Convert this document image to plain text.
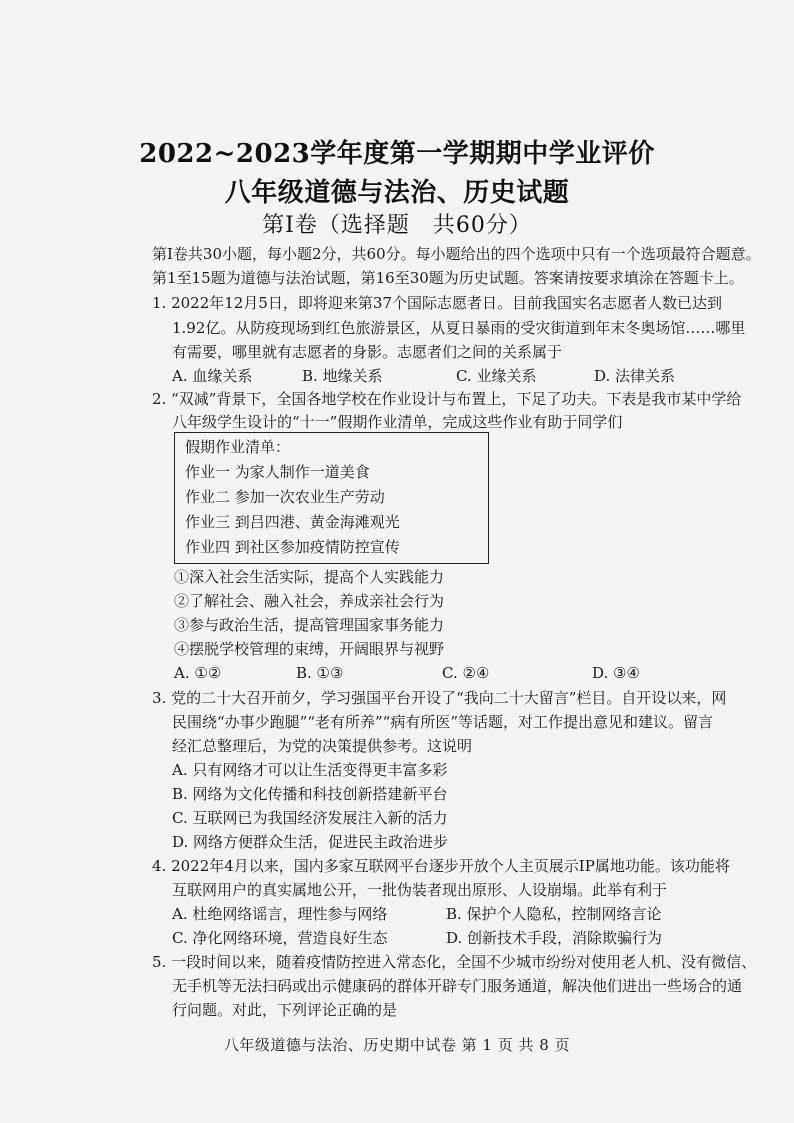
2022~2023学年度第一学期期中学业评价
八年级道德与法治、历史试题
第Ⅰ卷（选择题　共60分）
第Ⅰ卷共30小题，每小题2分，共60分。每小题给出的四个选项中只有一个选项最符合题意。
第1至15题为道德与法治试题，第16至30题为历史试题。答案请按要求填涂在答题卡上。
1. 2022年12月5日，即将迎来第37个国际志愿者日。目前我国实名志愿者人数已达到
1.92亿。从防疫现场到红色旅游景区，从夏日暴雨的受灾街道到年末冬奥场馆……哪里
有需要，哪里就有志愿者的身影。志愿者们之间的关系属于
A. 血缘关系	B. 地缘关系	C. 业缘关系	D. 法律关系
2. “双减”背景下，全国各地学校在作业设计与布置上，下足了功夫。下表是我市某中学给
八年级学生设计的“十一”假期作业清单，完成这些作业有助于同学们
假期作业清单：
作业一 为家人制作一道美食
作业二 参加一次农业生产劳动
作业三 到吕四港、黄金海滩观光
作业四 到社区参加疫情防控宣传
①深入社会生活实际，提高个人实践能力
②了解社会、融入社会，养成亲社会行为
③参与政治生活，提高管理国家事务能力
④摆脱学校管理的束缚，开阔眼界与视野
A. ①②	B. ①③	C. ②④	D. ③④
3. 党的二十大召开前夕，学习强国平台开设了“我向二十大留言”栏目。自开设以来，网
民围绕“办事少跑腿”“老有所养”“病有所医”等话题，对工作提出意见和建议。留言
经汇总整理后，为党的决策提供参考。这说明
A. 只有网络才可以让生活变得更丰富多彩
B. 网络为文化传播和科技创新搭建新平台
C. 互联网已为我国经济发展注入新的活力
D. 网络方便群众生活，促进民主政治进步
4. 2022年4月以来，国内多家互联网平台逐步开放个人主页展示IP属地功能。该功能将
互联网用户的真实属地公开，一批伪装者现出原形、人设崩塌。此举有利于
A. 杜绝网络谣言，理性参与网络	B. 保护个人隐私，控制网络言论
C. 净化网络环境，营造良好生态	D. 创新技术手段，消除欺骗行为
5. 一段时间以来，随着疫情防控进入常态化，全国不少城市纷纷对使用老人机、没有微信、
无手机等无法扫码或出示健康码的群体开辟专门服务通道，解决他们进出一些场合的通
行问题。对此，下列评论正确的是
八年级道德与法治、历史期中试卷 第 1 页 共 8 页
